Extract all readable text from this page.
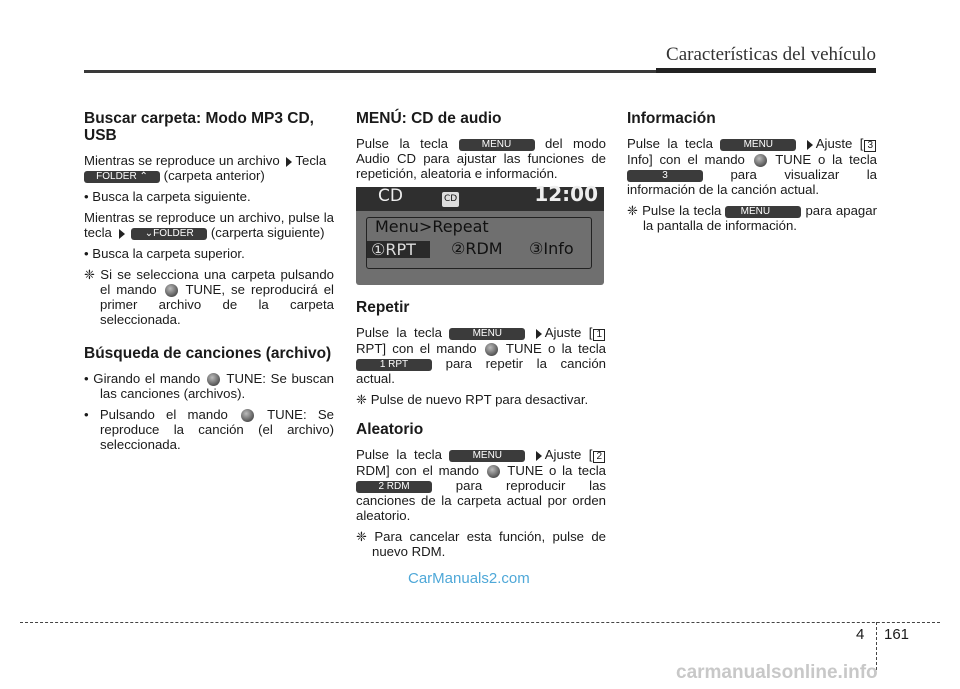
Características del vehículo
Buscar carpeta: Modo MP3 CD, USB

Mientras se reproduce un archivo Tecla
FOLDER ⌃ (carpeta anterior)

• Busca la carpeta siguiente.

Mientras se reproduce un archivo, pulse la tecla	⌄FOLDER (carperta siguiente)

• Busca la carpeta superior.

❈ Si se selecciona una carpeta pulsando el mando TUNE, se reproducirá el primer archivo de la carpeta seleccionada.

Búsqueda de canciones (archivo)

• Girando el mando TUNE: Se buscan las canciones (archivos).

• Pulsando el mando	TUNE: Se reproduce la canción (el archivo) seleccionada.

MENÚ: CD de audio

Pulse la tecla	MENU	del modo Audio CD para ajustar las funciones de repetición, aleatoria e información.

CD	CD	12:00
Menu>Repeat
①RPT	②RDM ③Info
Repetir

Pulse la tecla	MENU	Ajuste [ 1 RPT] con el mando TUNE o la tecla 1 RPT	para repetir la canción actual.

❈ Pulse de nuevo RPT para desactivar.

Aleatorio

Pulse la tecla	MENU	Ajuste [ 2 RDM] con el mando TUNE o la tecla 2 RDM	para reproducir las canciones de la carpeta actual por orden aleatorio.

❈ Para cancelar esta función, pulse de nuevo RDM.

Información

Pulse la tecla	MENU	Ajuste [ 3 Info] con el mando TUNE o la tecla 3	para visualizar la información de la canción actual.

❈ Pulse la tecla MENU	para apagar la pantalla de información.

CarManuals2.com
4 161
carmanualsonline.info
